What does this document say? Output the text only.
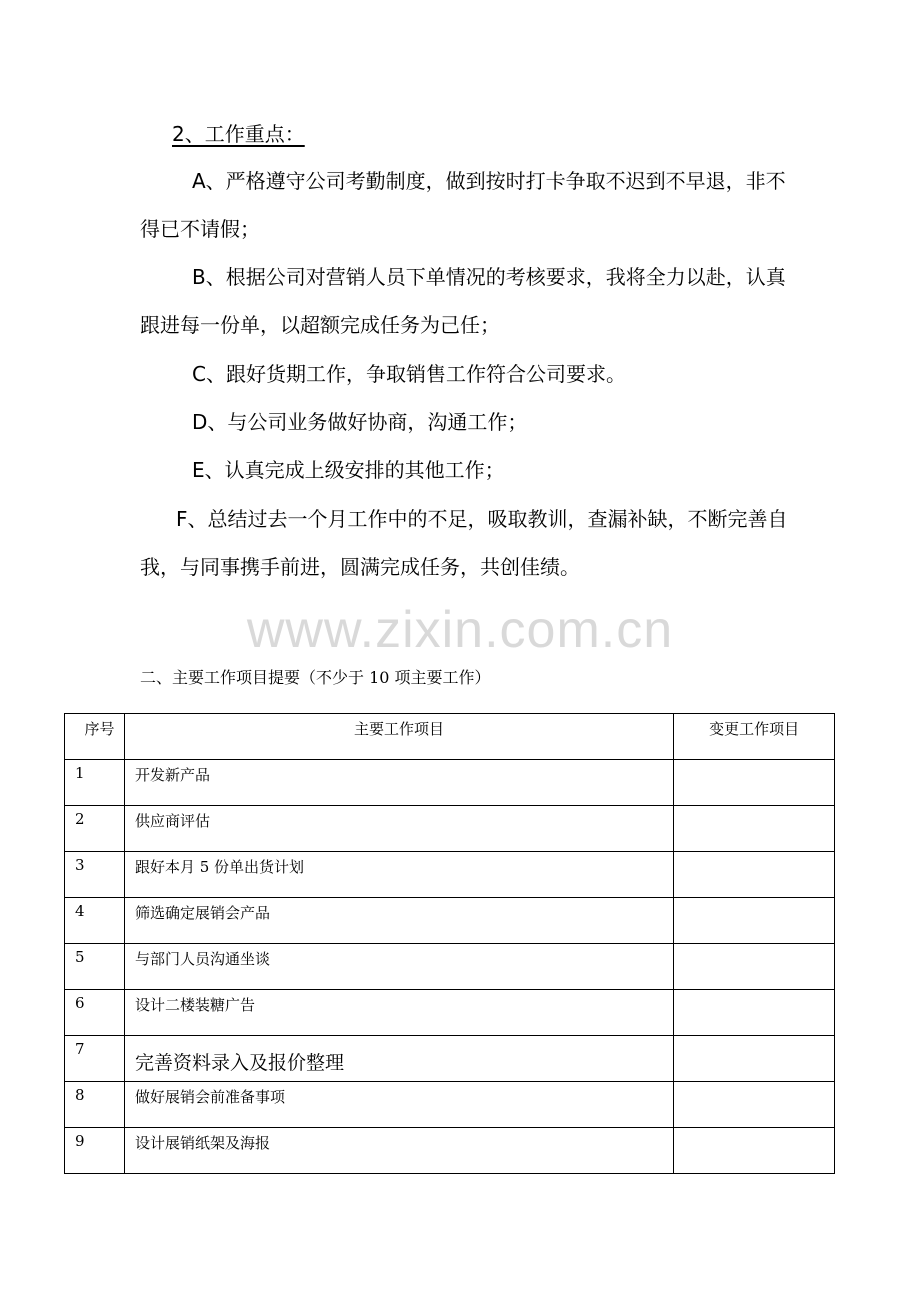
2、工作重点：

A、严格遵守公司考勤制度，做到按时打卡争取不迟到不早退，非不得已不请假；

B、根据公司对营销人员下单情况的考核要求，我将全力以赴，认真跟进每一份单，以超额完成任务为己任；

C、跟好货期工作，争取销售工作符合公司要求。

D、与公司业务做好协商，沟通工作；

E、认真完成上级安排的其他工作；

F、总结过去一个月工作中的不足，吸取教训，查漏补缺，不断完善自我，与同事携手前进，圆满完成任务，共创佳绩。

www.zixin.com.cn
二、主要工作项目提要（不少于 10 项主要工作）
序号	主要工作项目	变更工作项目
1	开发新产品	
2	供应商评估	
3	跟好本月 5 份单出货计划	
4	筛选确定展销会产品	
5	与部门人员沟通坐谈	
6	设计二楼装糖广告	
7	完善资料录入及报价整理	
8	做好展销会前准备事项	
9	设计展销纸架及海报	
